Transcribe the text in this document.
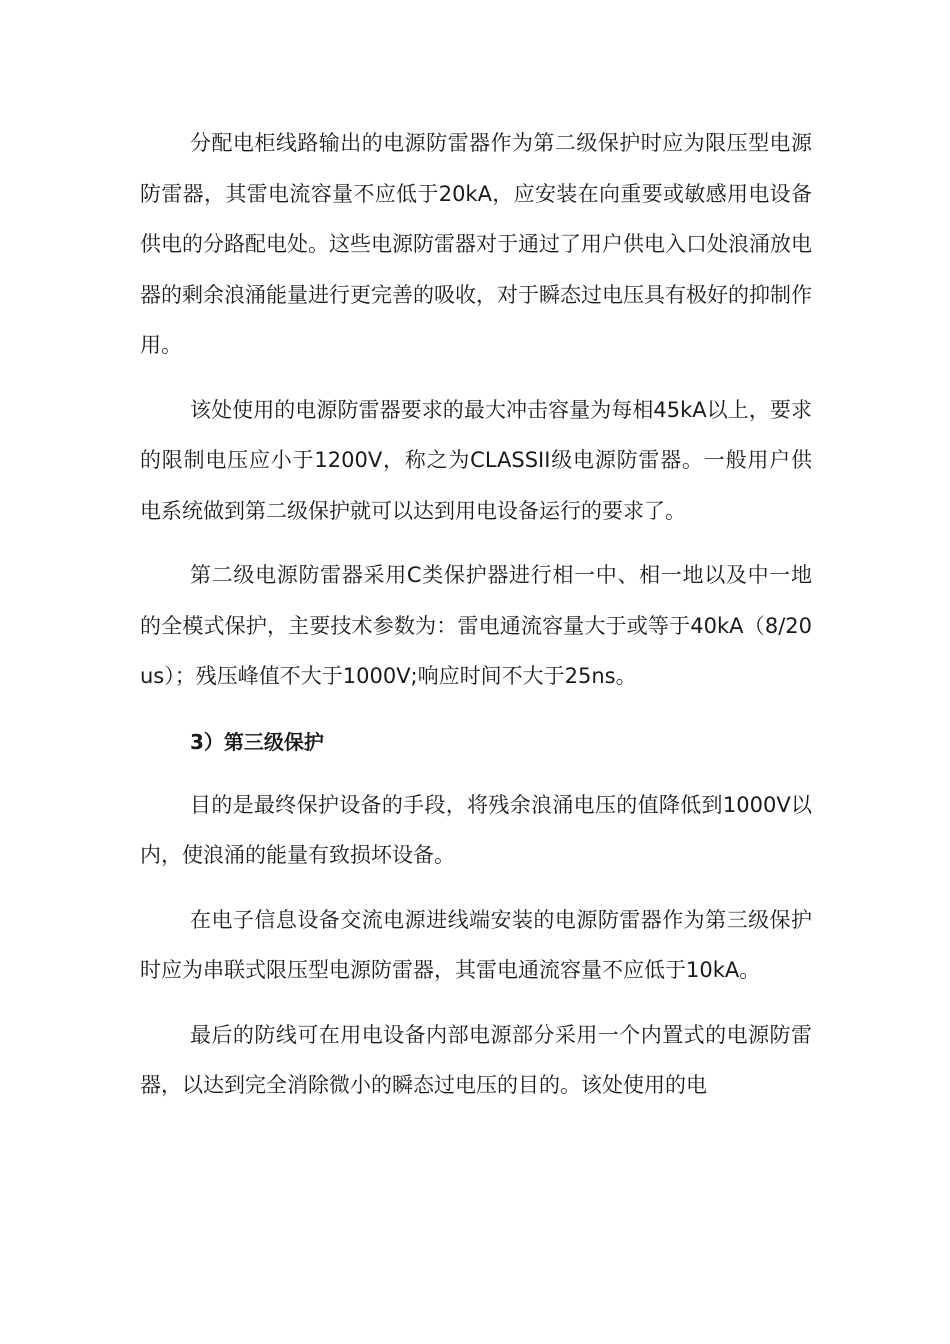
分配电柜线路输出的电源防雷器作为第二级保护时应为限压型电源防雷器，其雷电流容量不应低于20kA，应安装在向重要或敏感用电设备供电的分路配电处。这些电源防雷器对于通过了用户供电入口处浪涌放电器的剩余浪涌能量进行更完善的吸收，对于瞬态过电压具有极好的抑制作用。

该处使用的电源防雷器要求的最大冲击容量为每相45kA以上，要求的限制电压应小于1200V，称之为CLASSII级电源防雷器。一般用户供电系统做到第二级保护就可以达到用电设备运行的要求了。

第二级电源防雷器采用C类保护器进行相一中、相一地以及中一地的全模式保护，主要技术参数为：雷电通流容量大于或等于40kA（8/20us）；残压峰值不大于1000V;响应时间不大于25ns。

3）第三级保护

目的是最终保护设备的手段，将残余浪涌电压的值降低到1000V以内，使浪涌的能量有致损坏设备。

在电子信息设备交流电源进线端安装的电源防雷器作为第三级保护时应为串联式限压型电源防雷器，其雷电通流容量不应低于10kA。

最后的防线可在用电设备内部电源部分采用一个内置式的电源防雷器，以达到完全消除微小的瞬态过电压的目的。该处使用的电
